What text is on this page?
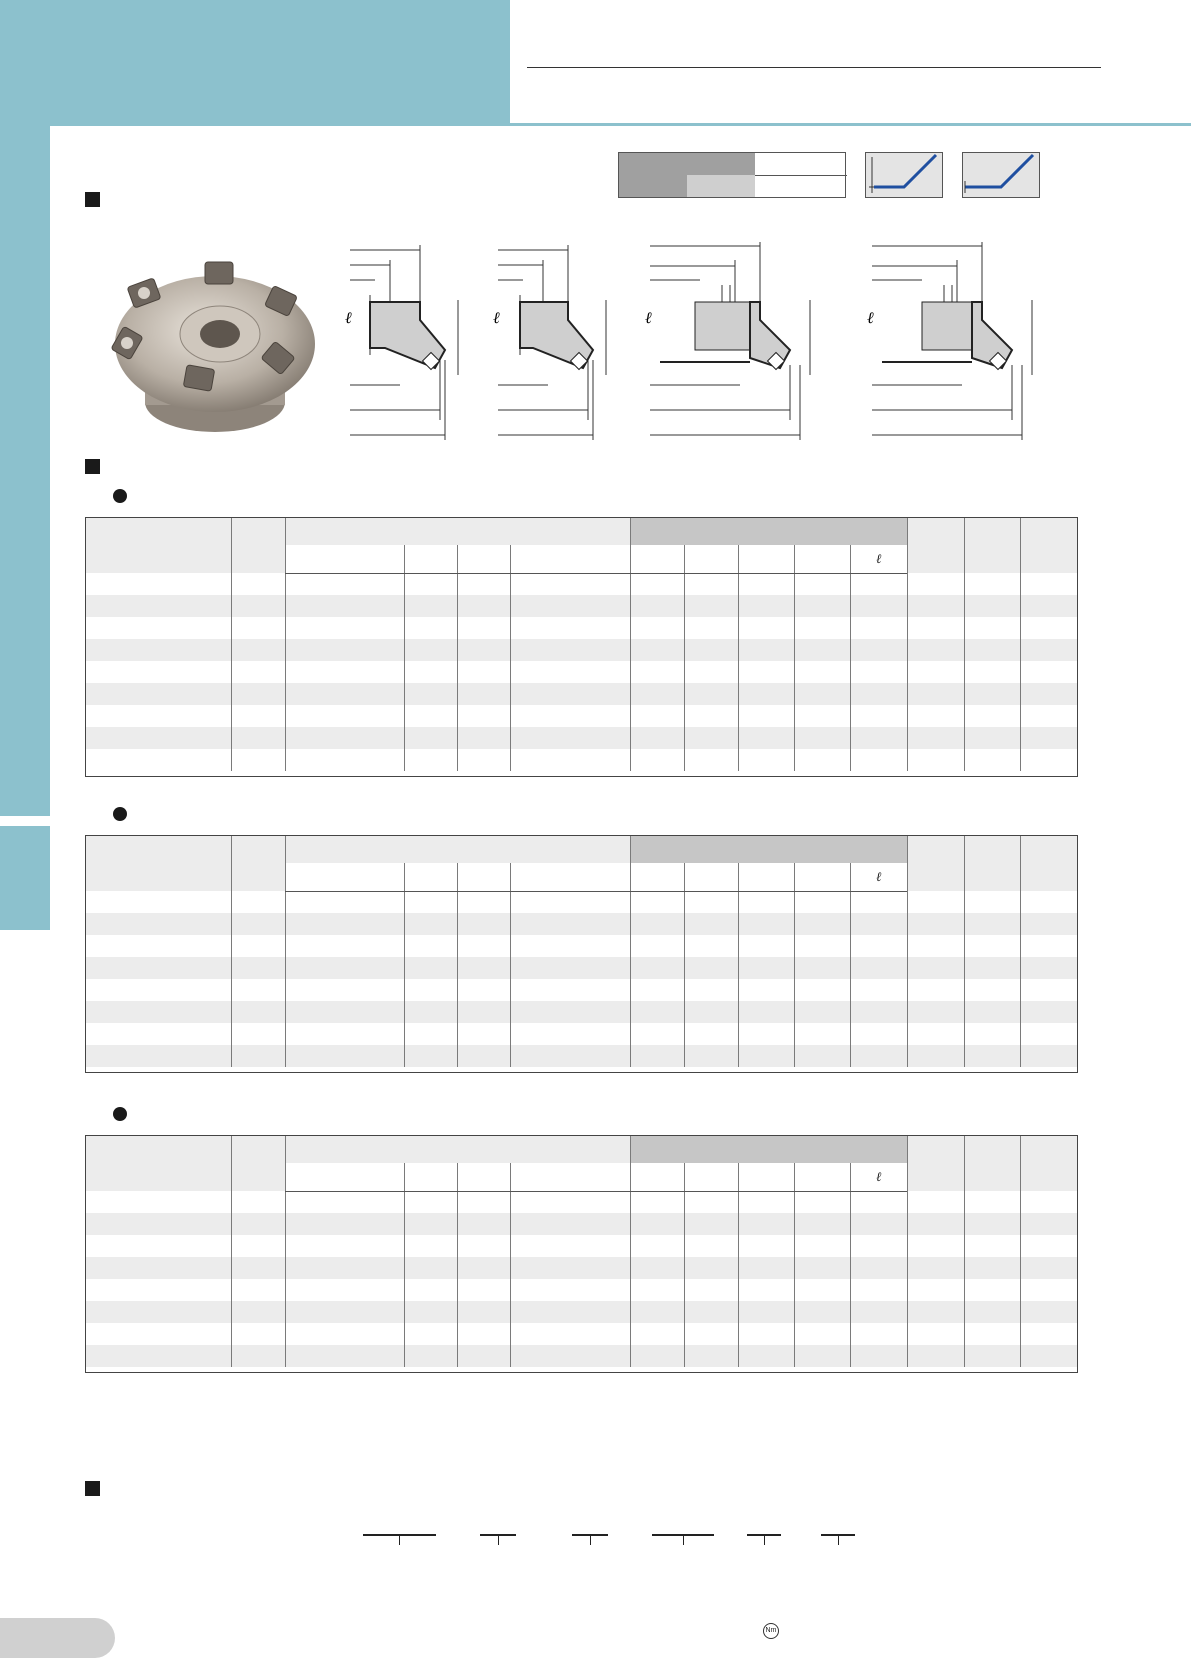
ℓ	ℓ	ℓ	ℓ

										ℓ			

										ℓ			

										ℓ			

Nm
